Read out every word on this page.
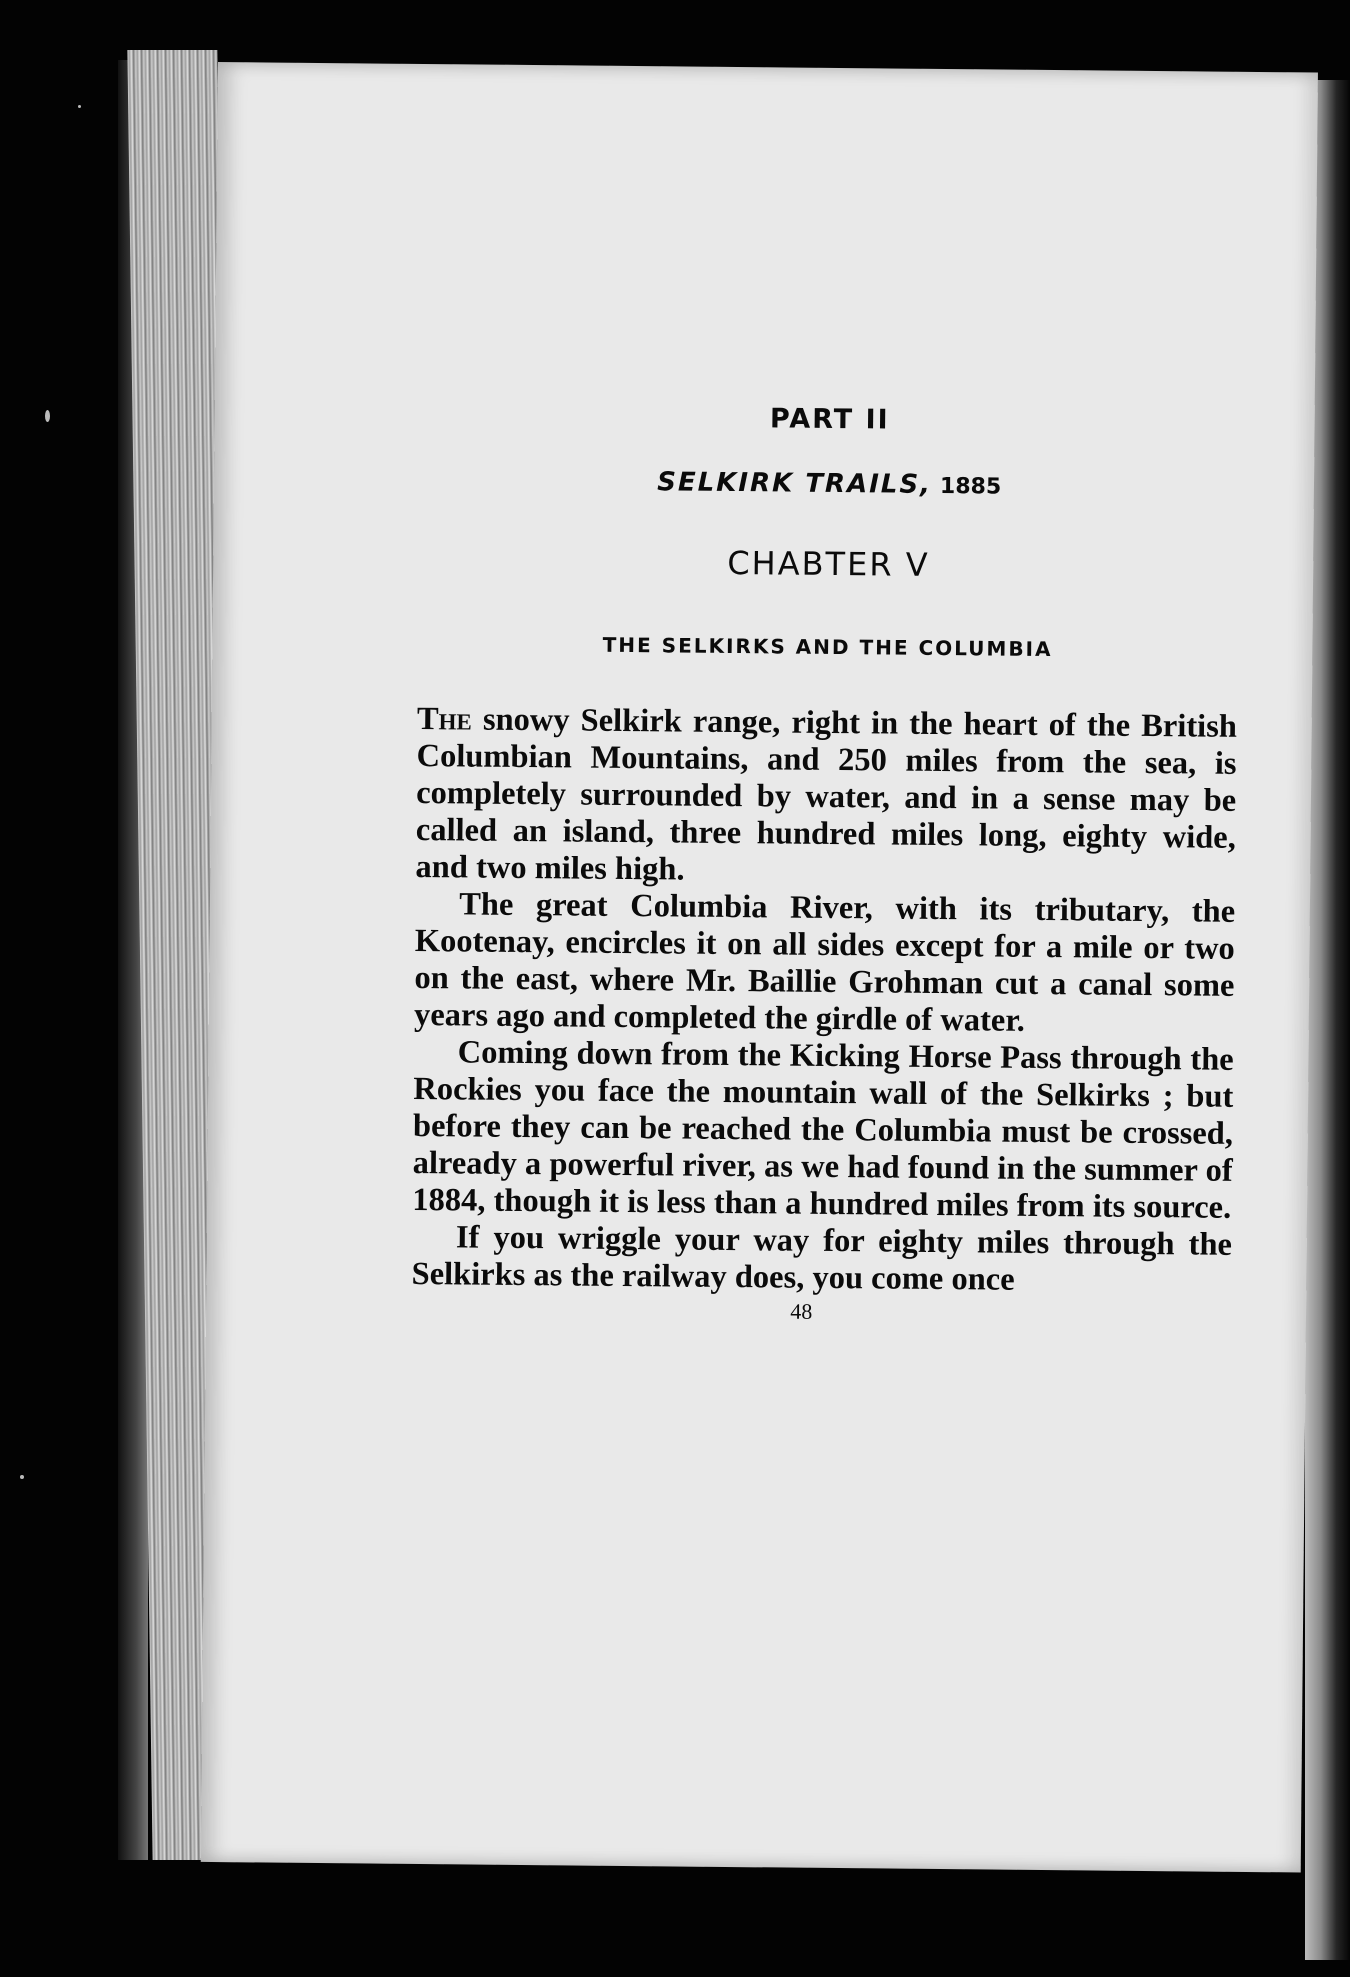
PART II
SELKIRK TRAILS, 1885
CHABTER V
THE SELKIRKS AND THE COLUMBIA

The snowy Selkirk range, right in the heart of the British Columbian Mountains, and 250 miles from the sea, is completely surrounded by water, and in a sense may be called an island, three hundred miles long, eighty wide, and two miles high.

The great Columbia River, with its tributary, the Kootenay, encircles it on all sides except for a mile or two on the east, where Mr. Baillie Grohman cut a canal some years ago and completed the girdle of water.

Coming down from the Kicking Horse Pass through the Rockies you face the mountain wall of the Selkirks ; but before they can be reached the Columbia must be crossed, already a powerful river, as we had found in the summer of 1884, though it is less than a hundred miles from its source.

If you wriggle your way for eighty miles through the Selkirks as the railway does, you come once

48
